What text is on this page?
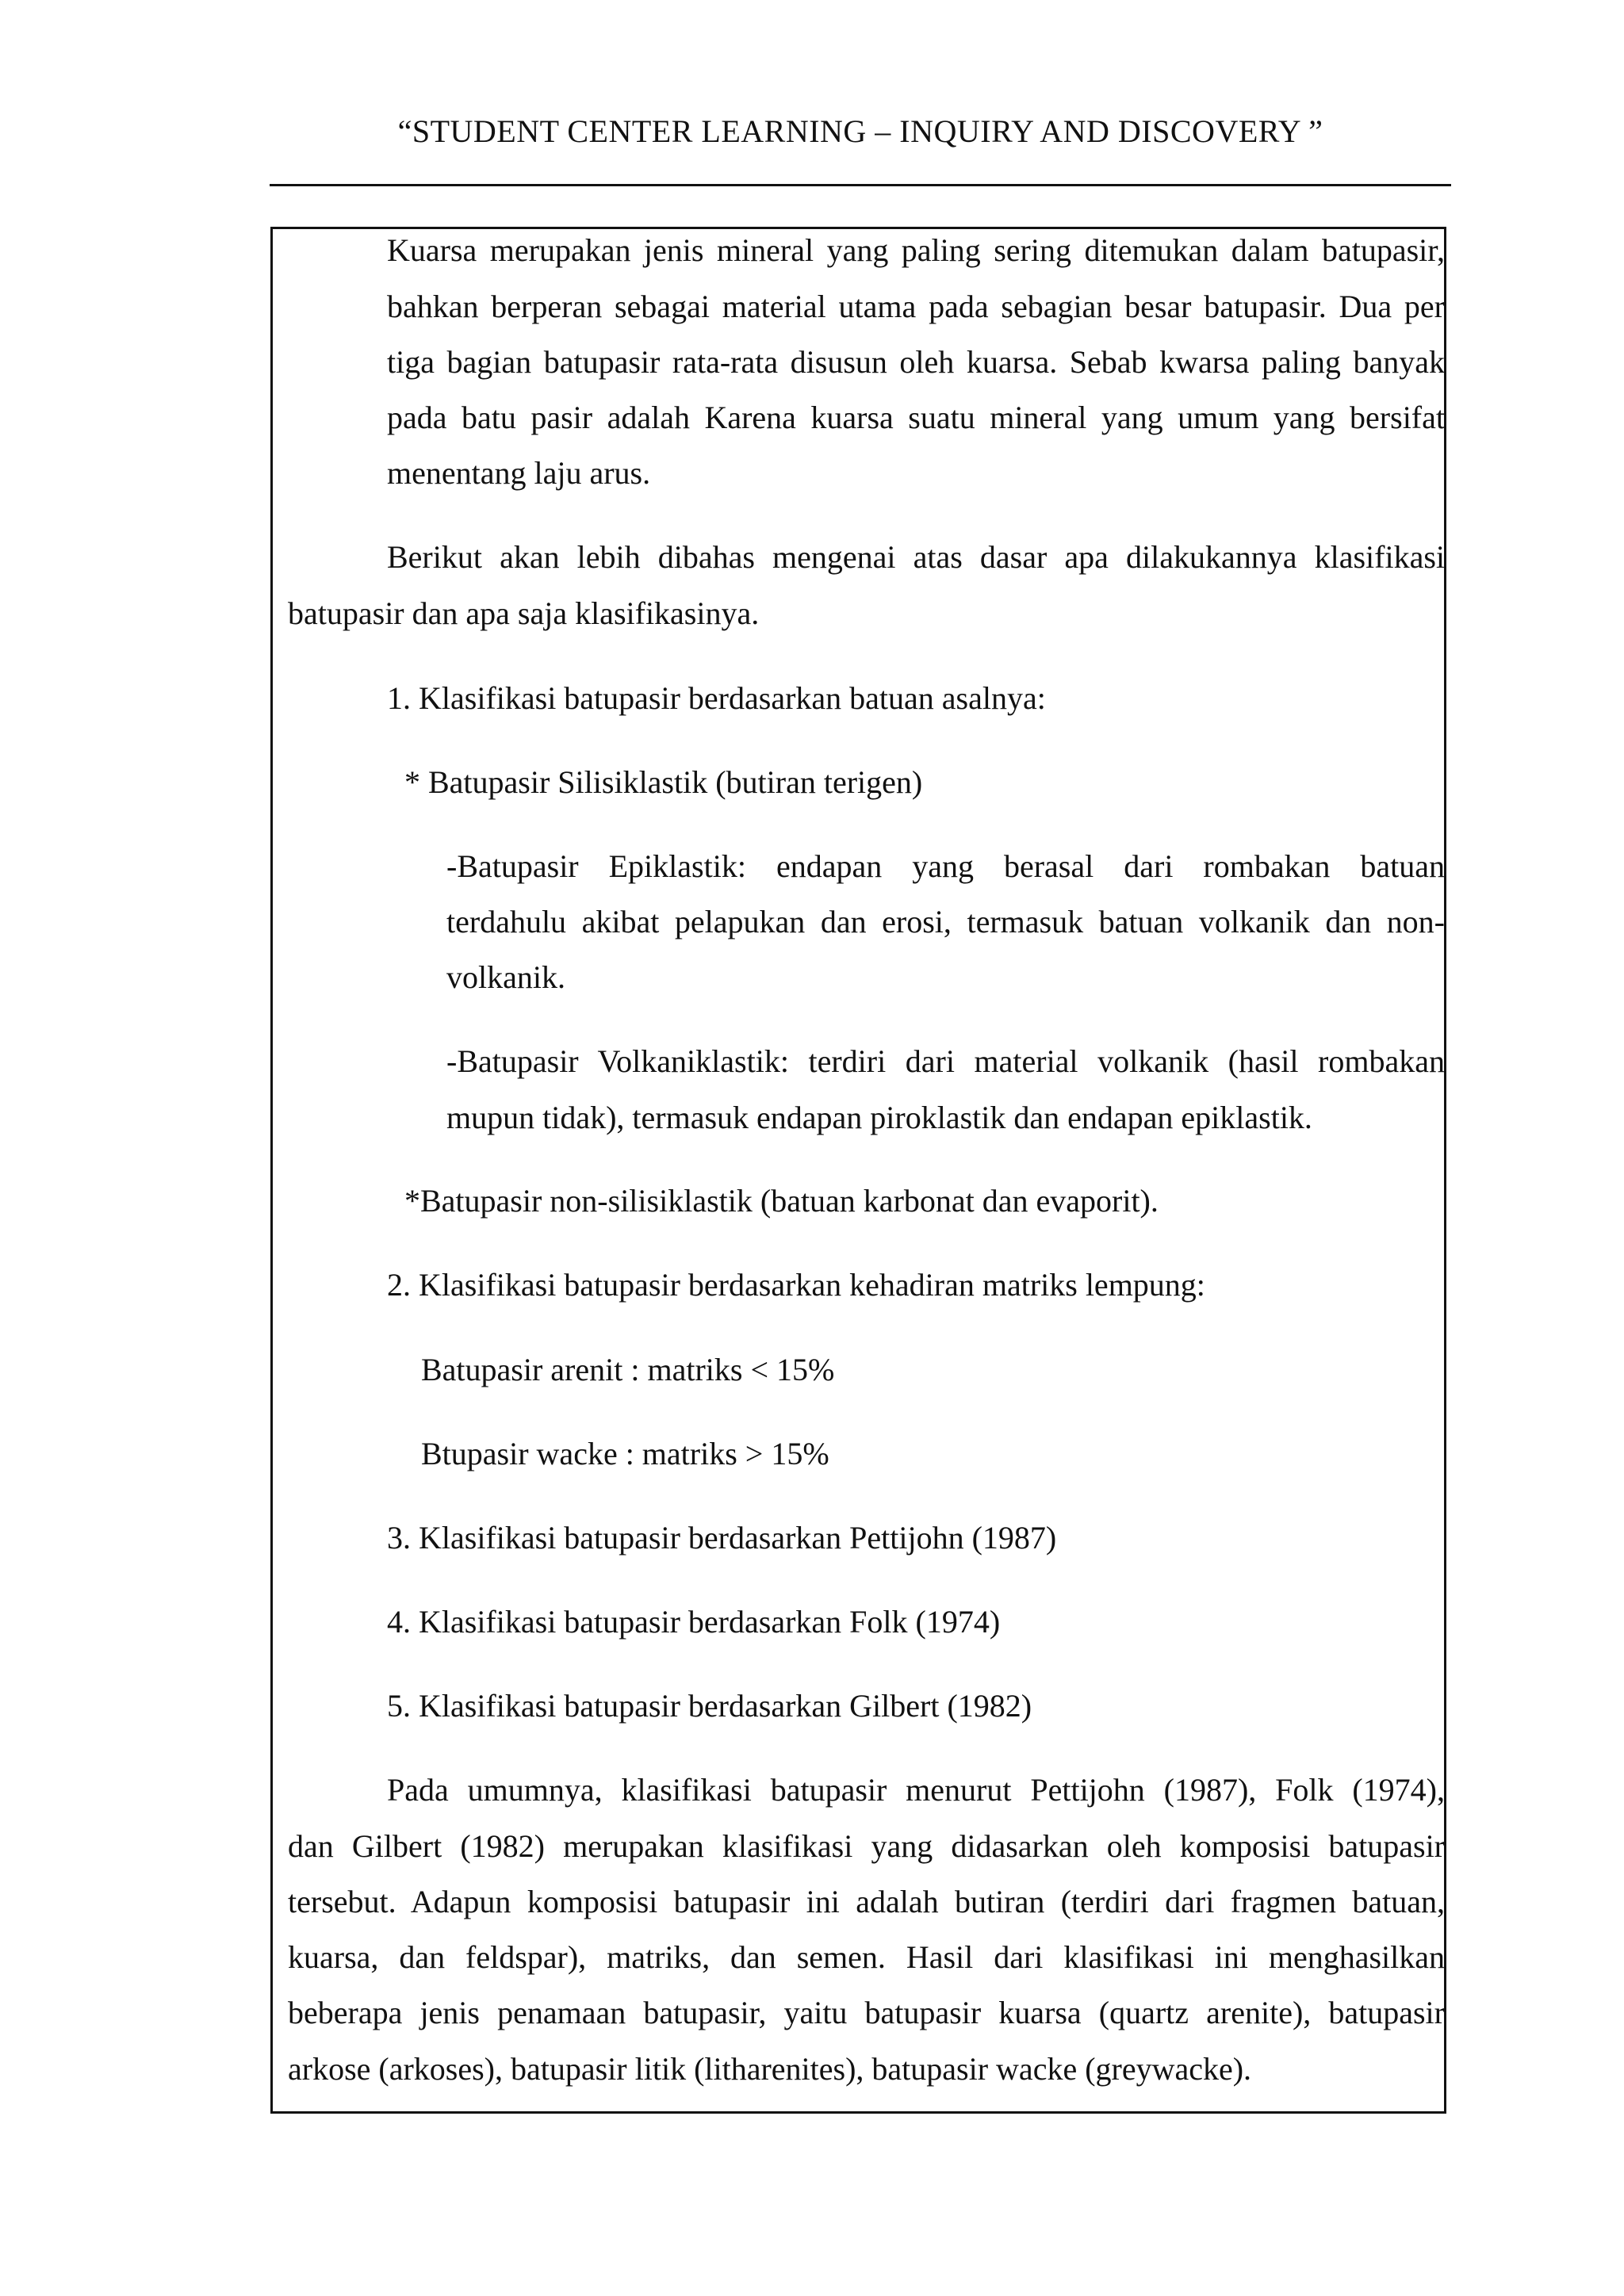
“STUDENT CENTER LEARNING – INQUIRY AND DISCOVERY ”
Kuarsa merupakan jenis mineral yang paling sering ditemukan dalam batupasir,
bahkan berperan sebagai material utama pada sebagian besar batupasir. Dua per
tiga bagian batupasir rata-rata disusun oleh kuarsa. Sebab kwarsa paling banyak
pada batu pasir adalah Karena kuarsa suatu mineral yang umum yang bersifat
menentang laju arus.
Berikut akan lebih dibahas mengenai atas dasar apa dilakukannya klasifikasi
batupasir dan apa saja klasifikasinya.
1. Klasifikasi batupasir berdasarkan batuan asalnya:
* Batupasir Silisiklastik (butiran terigen)
-Batupasir Epiklastik: endapan yang berasal dari rombakan batuan
terdahulu akibat pelapukan dan erosi, termasuk batuan volkanik dan non-
volkanik.
-Batupasir Volkaniklastik: terdiri dari material volkanik (hasil rombakan
mupun tidak), termasuk endapan piroklastik dan endapan epiklastik.
*Batupasir non-silisiklastik (batuan karbonat dan evaporit).
2. Klasifikasi batupasir berdasarkan kehadiran matriks lempung:
Batupasir arenit : matriks < 15%
Btupasir wacke : matriks > 15%
3. Klasifikasi batupasir berdasarkan Pettijohn (1987)
4. Klasifikasi batupasir berdasarkan Folk (1974)
5. Klasifikasi batupasir berdasarkan Gilbert (1982)
Pada umumnya, klasifikasi batupasir menurut Pettijohn (1987), Folk (1974),
dan Gilbert (1982) merupakan klasifikasi yang didasarkan oleh komposisi batupasir
tersebut. Adapun komposisi batupasir ini adalah butiran (terdiri dari fragmen batuan,
kuarsa, dan feldspar), matriks, dan semen. Hasil dari klasifikasi ini menghasilkan
beberapa jenis penamaan batupasir, yaitu batupasir kuarsa (quartz arenite), batupasir
arkose (arkoses), batupasir litik (litharenites), batupasir wacke (greywacke).
